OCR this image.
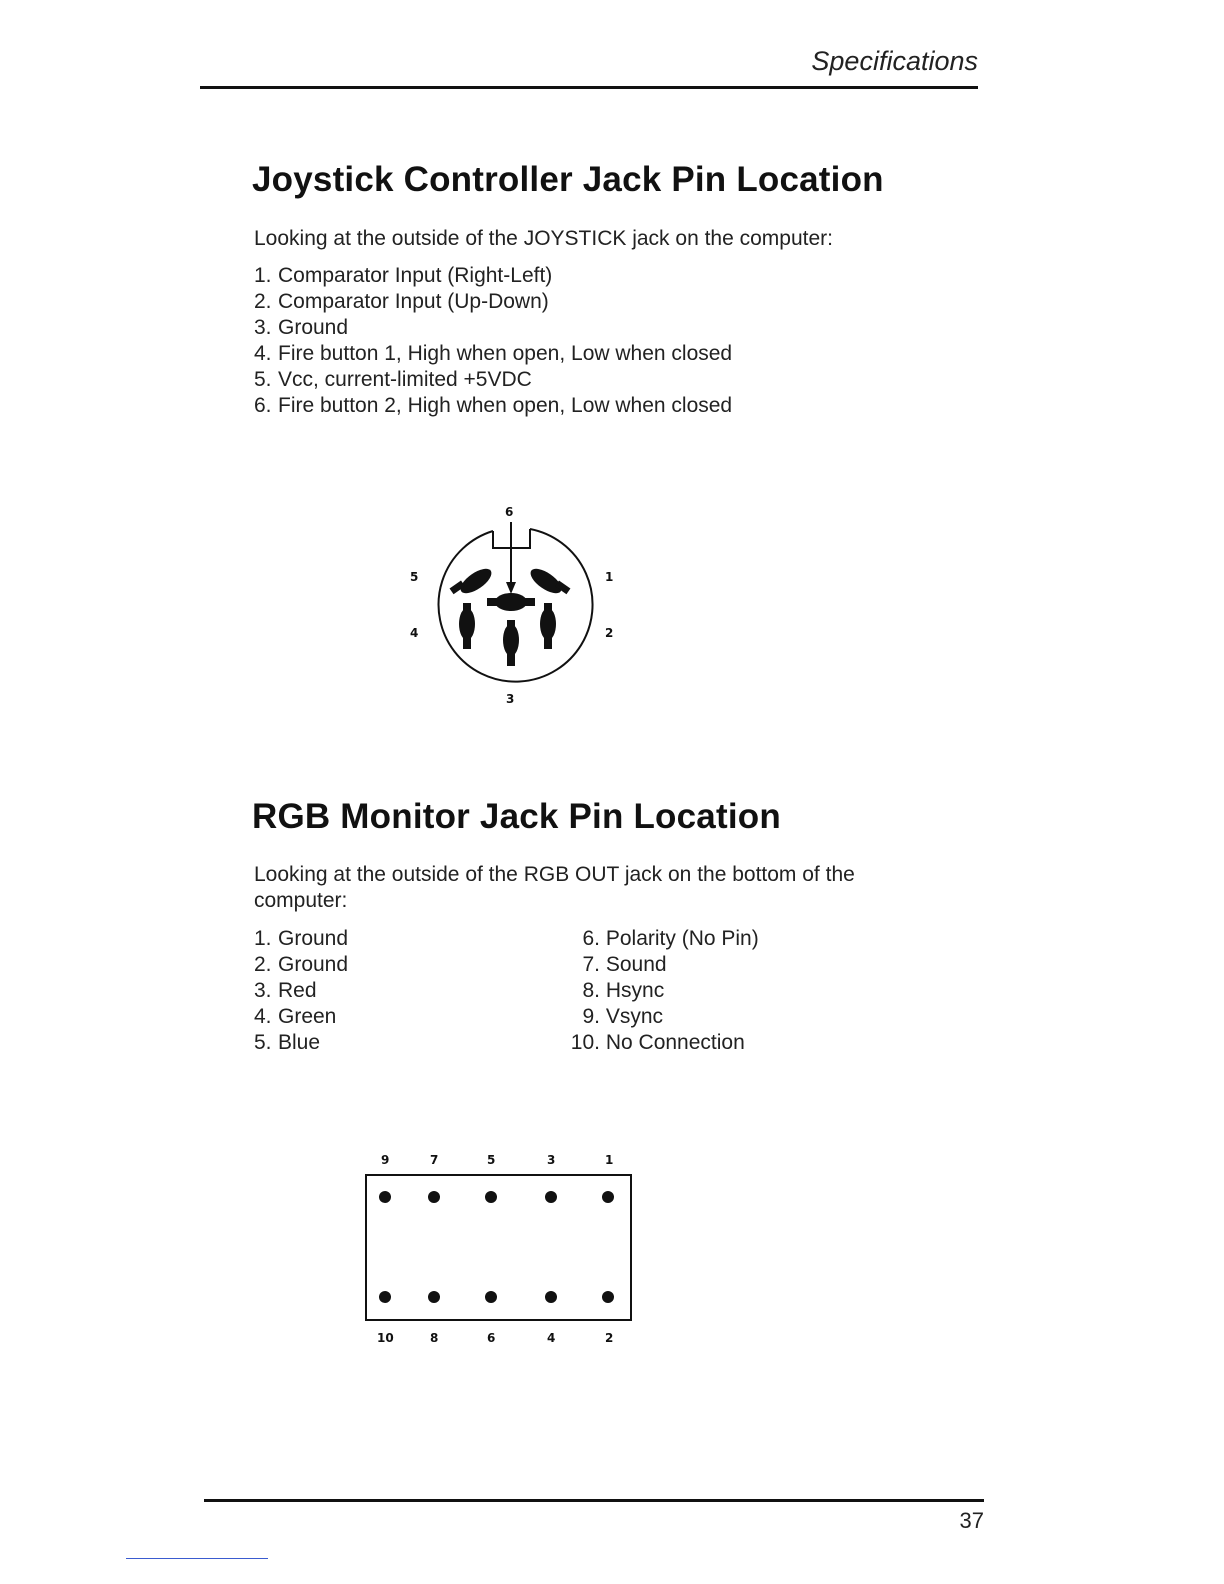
Specifications
Joystick Controller Jack Pin Location
Looking at the outside of the JOYSTICK jack on the computer:
1. Comparator Input (Right-Left)
2. Comparator Input (Up-Down)
3. Ground
4. Fire button 1, High when open, Low when closed
5. Vcc, current-limited +5VDC
6. Fire button 2, High when open, Low when closed
6
5	1
4	2
3
RGB Monitor Jack Pin Location
Looking at the outside of the RGB OUT jack on the bottom of the computer:
1. Ground
2. Ground
3. Red
4. Green
5. Blue
6. Polarity (No Pin)
7. Sound
8. Hsync
9. Vsync
10. No Connection
9	7	5	3	1
10	8	6	4	2
37
